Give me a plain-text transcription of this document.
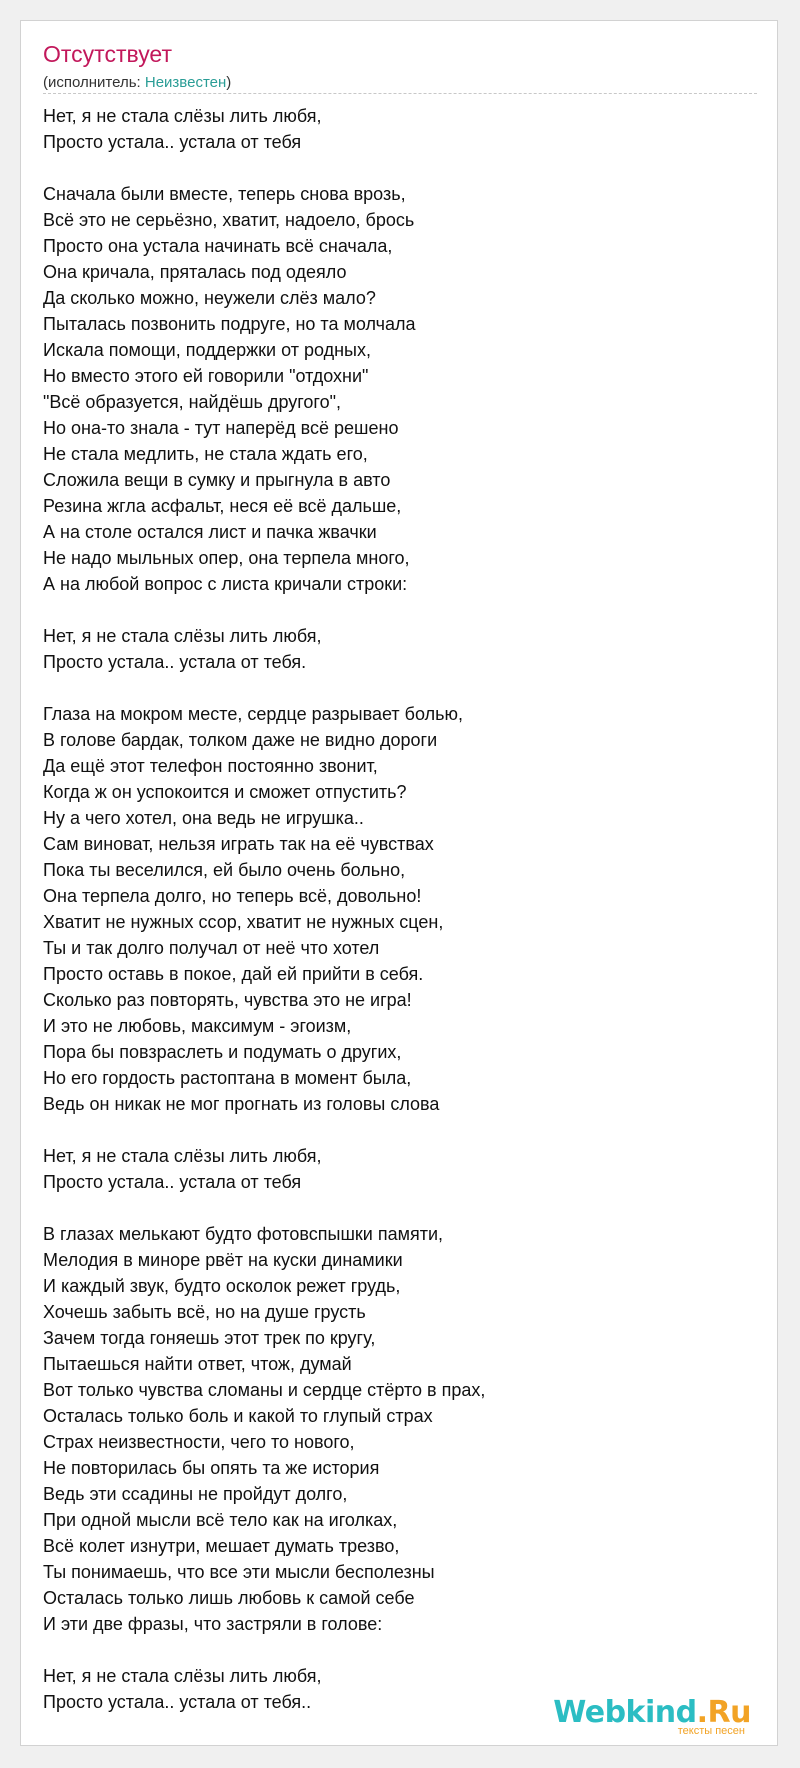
Отсутствует
(исполнитель: Неизвестен)
Нет, я не стала слёзы лить любя,
Просто устала.. устала от тебя
Сначала были вместе, теперь снова врозь,
Всё это не серьёзно, хватит, надоело, брось
Просто она устала начинать всё сначала,
Она кричала, пряталась под одеяло
Да сколько можно, неужели слёз мало?
Пыталась позвонить подруге, но та молчала
Искала помощи, поддержки от родных,
Но вместо этого ей говорили "отдохни"
"Всё образуется, найдёшь другого",
Но она-то знала - тут наперёд всё решено
Не стала медлить, не стала ждать его,
Сложила вещи в сумку и прыгнула в авто
Резина жгла асфальт, неся её всё дальше,
А на столе остался лист и пачка жвачки
Не надо мыльных опер, она терпела много,
А на любой вопрос с листа кричали строки:
Нет, я не стала слёзы лить любя,
Просто устала.. устала от тебя.
Глаза на мокром месте, сердце разрывает болью,
В голове бардак, толком даже не видно дороги
Да ещё этот телефон постоянно звонит,
Когда ж он успокоится и сможет отпустить?
Ну а чего хотел, она ведь не игрушка..
Сам виноват, нельзя играть так на её чувствах
Пока ты веселился, ей было очень больно,
Она терпела долго, но теперь всё, довольно!
Хватит не нужных ссор, хватит не нужных сцен,
Ты и так долго получал от неё что хотел
Просто оставь в покое, дай ей прийти в себя.
Сколько раз повторять, чувства это не игра!
И это не любовь, максимум - эгоизм,
Пора бы повзраслеть и подумать о других,
Но его гордость растоптана в момент была,
Ведь он никак не мог прогнать из головы слова
Нет, я не стала слёзы лить любя,
Просто устала.. устала от тебя
В глазах мелькают будто фотовспышки памяти,
Мелодия в миноре рвёт на куски динамики
И каждый звук, будто осколок режет грудь,
Хочешь забыть всё, но на душе грусть
Зачем тогда гоняешь этот трек по кругу,
Пытаешься найти ответ, чтож, думай
Вот только чувства сломаны и сердце стёрто в прах,
Осталась только боль и какой то глупый страх
Страх неизвестности, чего то нового,
Не повторилась бы опять та же история
Ведь эти ссадины не пройдут долго,
При одной мысли всё тело как на иголках,
Всё колет изнутри, мешает думать трезво,
Ты понимаешь, что все эти мысли бесполезны
Осталась только лишь любовь к самой себе
И эти две фразы, что застряли в голове:
Нет, я не стала слёзы лить любя,
Просто устала.. устала от тебя..	Webkind.Ru
тексты песен
